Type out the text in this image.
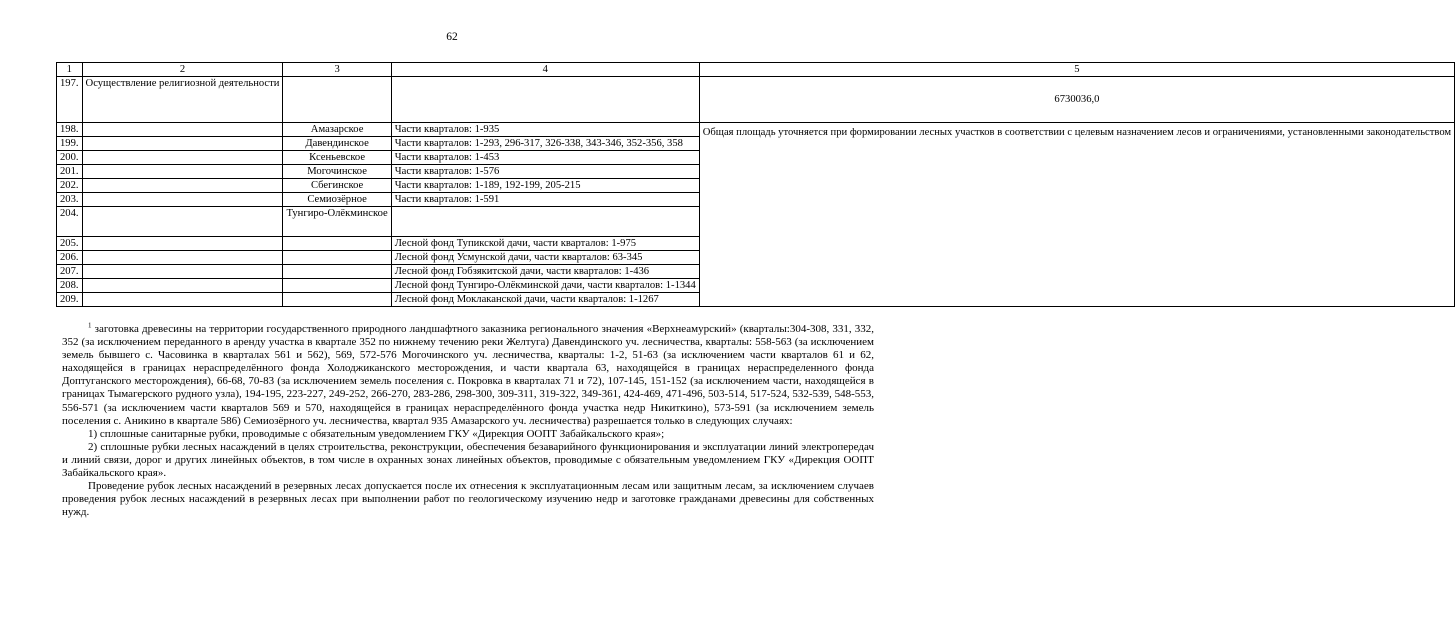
62
1	2	3	4	5
197.	Осуществление религиозной деятельности			6730036,0
198.		Амазарское	Части кварталов: 1-935	Общая площадь уточняется при формировании лесных участков в соответствии с целевым назначением лесов и ограничениями, установленными законодательством
199.		Давендинское	Части кварталов: 1-293, 296-317, 326-338, 343-346, 352-356, 358	
200.		Ксеньевское	Части кварталов: 1-453	
201.		Могочинское	Части кварталов: 1-576	
202.		Сбегинское	Части кварталов: 1-189, 192-199, 205-215	
203.		Семиозёрное	Части кварталов: 1-591	
204.		Тунгиро-Олёкминское		
205.			Лесной фонд Тупикской дачи, части кварталов: 1-975	
206.			Лесной фонд Усмунской дачи, части кварталов: 63-345	
207.			Лесной фонд Гобзякитской дачи, части кварталов: 1-436	
208.			Лесной фонд Тунгиро-Олёкминской дачи, части кварталов: 1-1344	
209.			Лесной фонд Моклаканской дачи, части кварталов: 1-1267	

$^1$ заготовка древесины на территории государственного природного ландшафтного заказника регионального значения «Верхнеамурский» (кварталы:304-308, 331, 332, 352 (за исключением переданного в аренду участка в квартале 352 по нижнему течению реки Желтуга) Давендинского уч. лесничества, кварталы: 558-563 (за исключением земель бывшего с. Часовинка в кварталах 561 и 562), 569, 572-576 Могочинского уч. лесничества, кварталы: 1-2, 51-63 (за исключением части кварталов 61 и 62, находящейся в границах нераспределённого фонда Холоджиканского месторождения, и части квартала 63, находящейся в границах нераспределенного фонда Доптуганского месторождения), 66-68, 70-83 (за исключением земель поселения с. Покровка в кварталах 71 и 72), 107-145, 151-152 (за исключением части, находящейся в границах Тымагерского рудного узла), 194-195, 223-227, 249-252, 266-270, 283-286, 298-300, 309-311, 319-322, 349-361, 424-469, 471-496, 503-514, 517-524, 532-539, 548-553, 556-571 (за исключением части кварталов 569 и 570, находящейся в границах нераспределённого фонда участка недр Никиткино), 573-591 (за исключением земель поселения с. Аникино в квартале 586) Семиозёрного уч. лесничества, квартал 935 Амазарского уч. лесничества) разрешается только в следующих случаях:

1) сплошные санитарные рубки, проводимые с обязательным уведомлением ГКУ «Дирекция ООПТ Забайкальского края»;

2) сплошные рубки лесных насаждений в целях строительства, реконструкции, обеспечения безаварийного функционирования и эксплуатации линий электропередач и линий связи, дорог и других линейных объектов, в том числе в охранных зонах линейных объектов, проводимые с обязательным уведомлением ГКУ «Дирекция ООПТ Забайкальского края».

Проведение рубок лесных насаждений в резервных лесах допускается после их отнесения к эксплуатационным лесам или защитным лесам, за исключением случаев проведения рубок лесных насаждений в резервных лесах при выполнении работ по геологическому изучению недр и заготовке гражданами древесины для собственных нужд.
